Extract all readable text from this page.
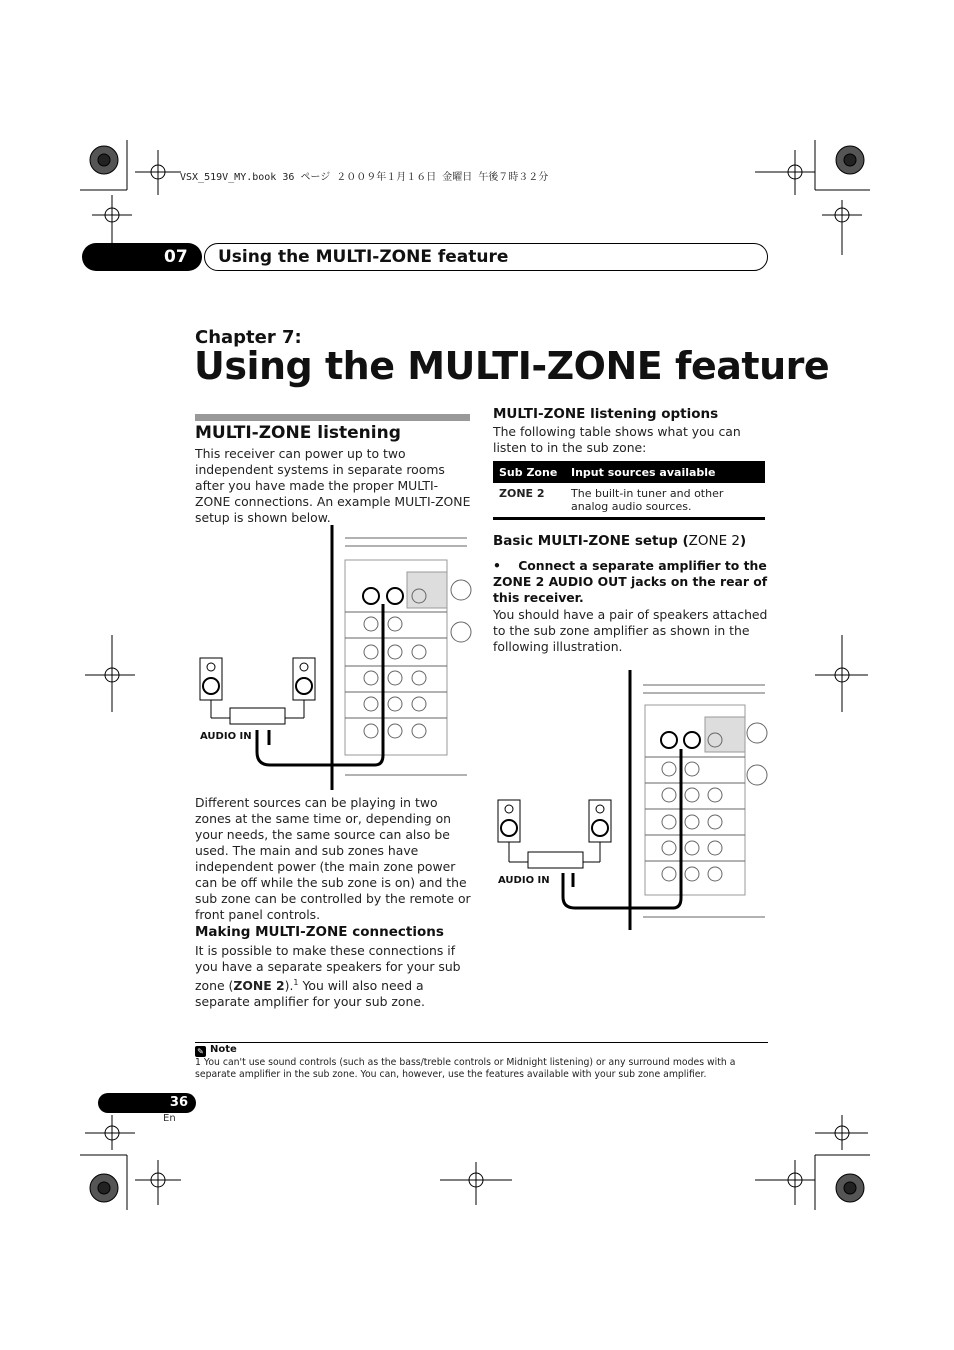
VSX_519V_MY.book 36 ページ ２００９年１月１６日 金曜日 午後７時３２分
07	Using the MULTI-ZONE feature
Chapter 7:
Using the MULTI-ZONE feature
MULTI-ZONE listening
This receiver can power up to two independent systems in separate rooms after you have made the proper MULTI-ZONE connections. An example MULTI-ZONE setup is shown below.
AUDIO IN
Different sources can be playing in two zones at the same time or, depending on your needs, the same source can also be used. The main and sub zones have independent power (the main zone power can be off while the sub zone is on) and the sub zone can be controlled by the remote or front panel controls.
Making MULTI-ZONE connections
It is possible to make these connections if you have a separate speakers for your sub zone (ZONE 2).$^1$ You will also need a separate amplifier for your sub zone.
MULTI-ZONE listening options
The following table shows what you can listen to in the sub zone:
Sub Zone	Input sources available
ZONE 2	The built-in tuner and other analog audio sources.
Basic MULTI-ZONE setup (ZONE 2)
• Connect a separate amplifier to the ZONE 2 AUDIO OUT jacks on the rear of this receiver.
You should have a pair of speakers attached to the sub zone amplifier as shown in the following illustration.
AUDIO IN
✎ Note
1 You can't use sound controls (such as the bass/treble controls or Midnight listening) or any surround modes with a separate amplifier in the sub zone. You can, however, use the features available with your sub zone amplifier.
36
En
